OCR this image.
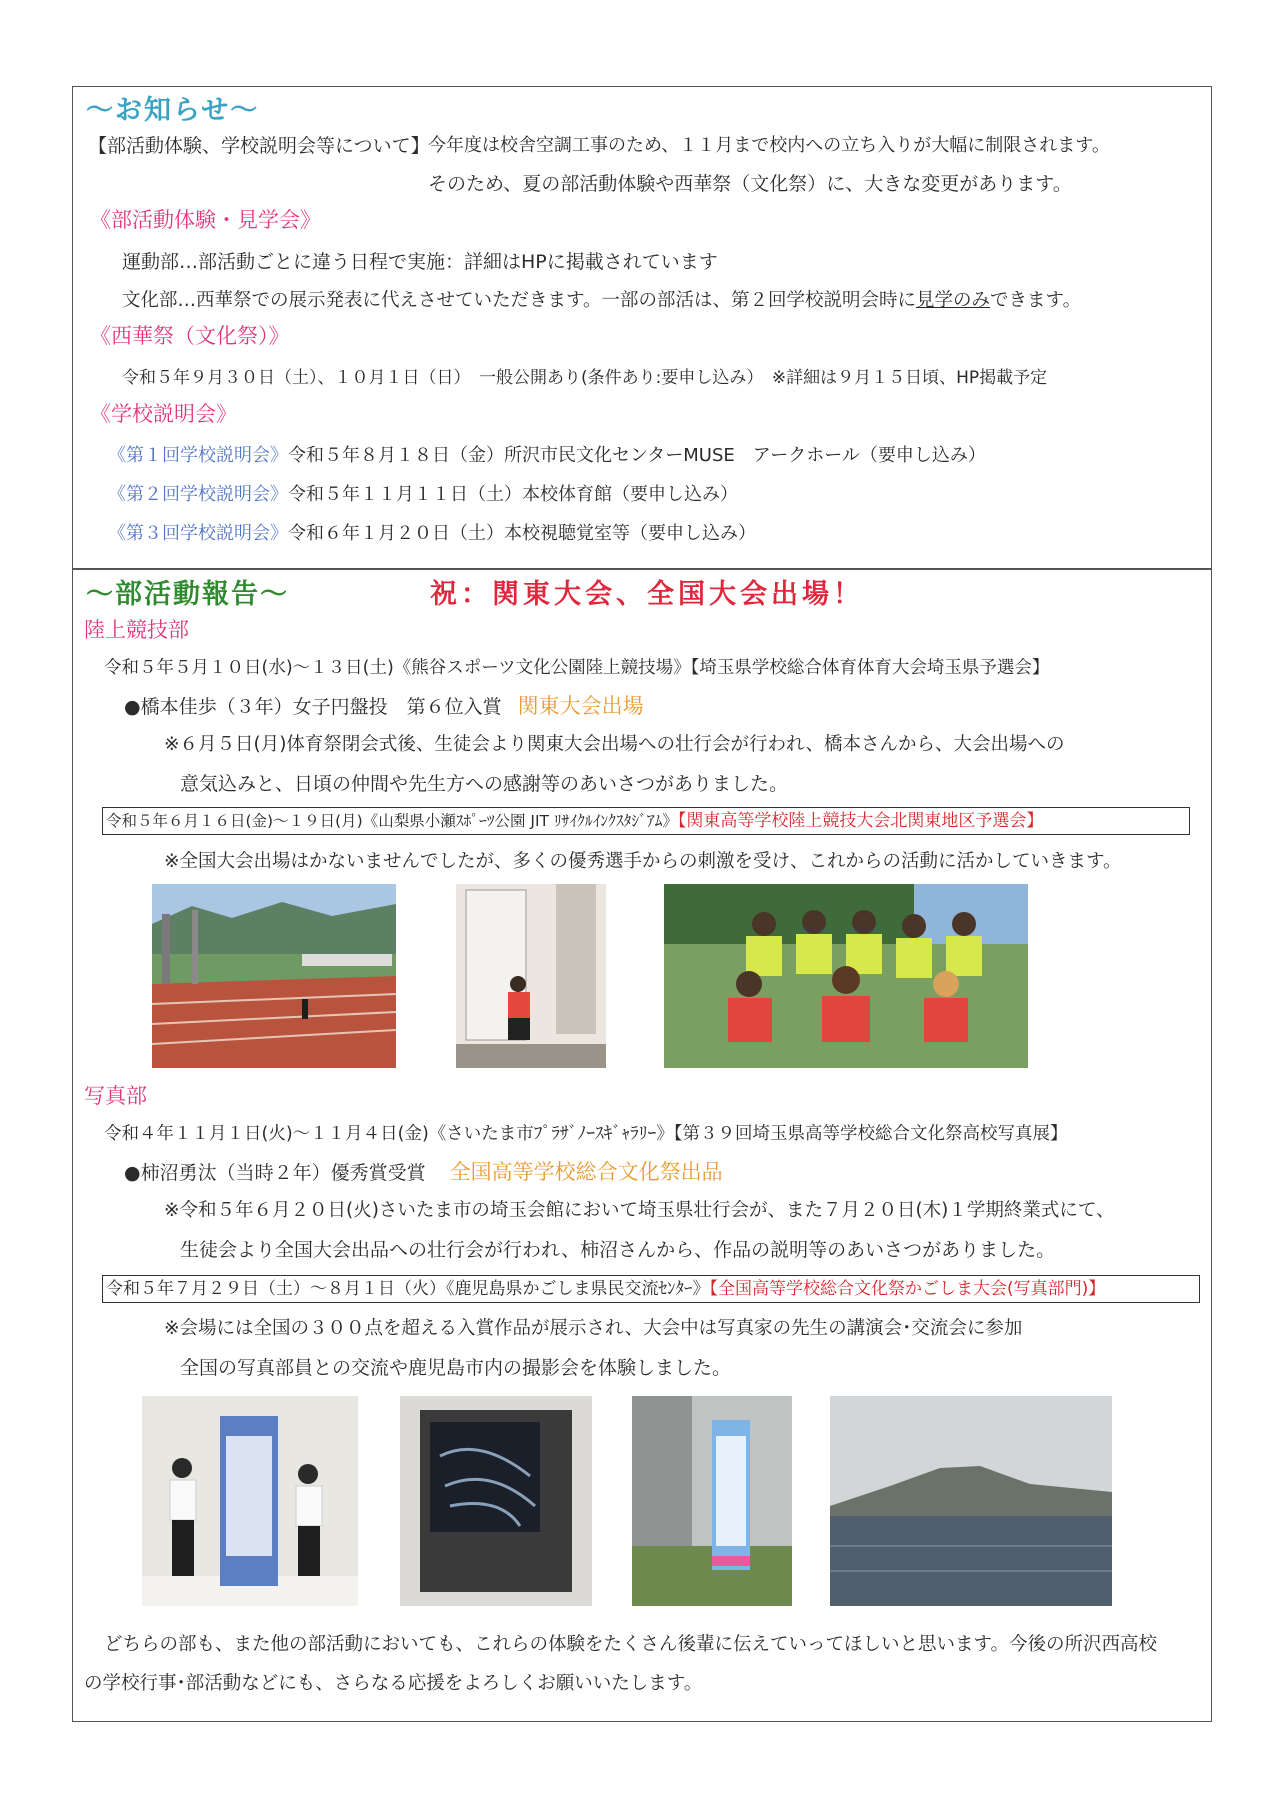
～お知らせ～
【部活動体験、学校説明会等について】
今年度は校舎空調工事のため、１１月まで校内への立ち入りが大幅に制限されます。
そのため、夏の部活動体験や西華祭（文化祭）に、大きな変更があります。
《部活動体験・見学会》
運動部…部活動ごとに違う日程で実施：詳細はHPに掲載されています
文化部…西華祭での展示発表に代えさせていただきます。一部の部活は、第２回学校説明会時に見学のみできます。
《西華祭（文化祭）》
令和５年９月３０日（土）、１０月１日（日）　一般公開あり(条件あり:要申し込み）　※詳細は９月１５日頃、HP掲載予定
《学校説明会》
《第１回学校説明会》令和５年８月１８日（金）所沢市民文化センターMUSE　アークホール（要申し込み）
《第２回学校説明会》令和５年１１月１１日（土）本校体育館（要申し込み）
《第３回学校説明会》令和６年１月２０日（土）本校視聴覚室等（要申し込み）
～部活動報告～	祝：関東大会、全国大会出場！
陸上競技部
令和５年５月１０日(水)～１３日(土)《熊谷スポーツ文化公園陸上競技場》【埼玉県学校総合体育体育大会埼玉県予選会】
●橋本佳歩（３年）女子円盤投　第６位入賞 関東大会出場
※６月５日(月)体育祭閉会式後、生徒会より関東大会出場への壮行会が行われ、橋本さんから、大会出場への
意気込みと、日頃の仲間や先生方への感謝等のあいさつがありました。
令和５年６月１６日(金)～１９日(月)《山梨県小瀬ｽﾎﾟｰﾂ公園 JIT ﾘｻｲｸﾙｲﾝｸｽﾀｼﾞｱﾑ》【関東高等学校陸上競技大会北関東地区予選会】
※全国大会出場はかないませんでしたが、多くの優秀選手からの刺激を受け、これからの活動に活かしていきます。
写真部
令和４年１１月１日(火)～１１月４日(金)《さいたま市ﾌﾟﾗｻﾞﾉｰｽｷﾞｬﾗﾘｰ》【第３９回埼玉県高等学校総合文化祭高校写真展】
●柿沼勇汰（当時２年）優秀賞受賞 全国高等学校総合文化祭出品
※令和５年６月２０日(火)さいたま市の埼玉会館において埼玉県壮行会が、また７月２０日(木)１学期終業式にて、
生徒会より全国大会出品への壮行会が行われ、柿沼さんから、作品の説明等のあいさつがありました。
令和５年７月２９日（土）～８月１日（火）《鹿児島県かごしま県民交流ｾﾝﾀｰ》【全国高等学校総合文化祭かごしま大会(写真部門)】
※会場には全国の３００点を超える入賞作品が展示され、大会中は写真家の先生の講演会･交流会に参加
全国の写真部員との交流や鹿児島市内の撮影会を体験しました。
どちらの部も、また他の部活動においても、これらの体験をたくさん後輩に伝えていってほしいと思います。今後の所沢西高校
の学校行事･部活動などにも、さらなる応援をよろしくお願いいたします。
